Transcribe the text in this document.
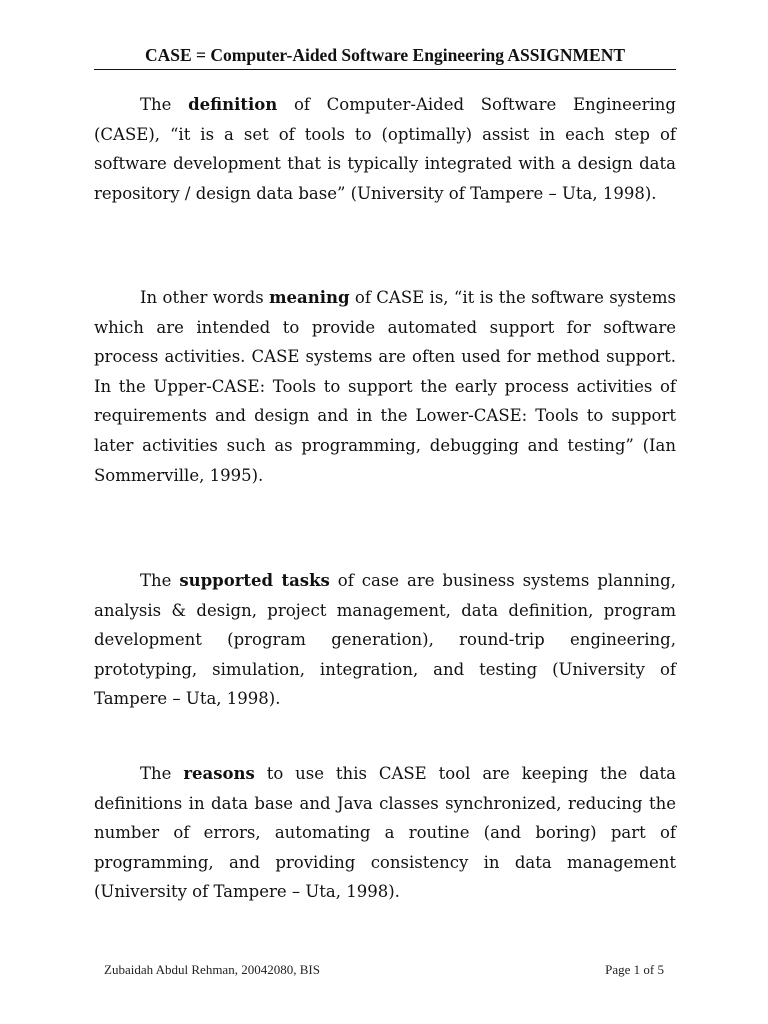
CASE = Computer-Aided Software Engineering ASSIGNMENT

The definition of Computer-Aided Software Engineering (CASE), “it is a set of tools to (optimally) assist in each step of software development that is typically integrated with a design data repository / design data base” (University of Tampere – Uta, 1998).

In other words meaning of CASE is, “it is the software systems which are intended to provide automated support for software process activities. CASE systems are often used for method support. In the Upper-CASE: Tools to support the early process activities of requirements and design and in the Lower-CASE: Tools to support later activities such as programming, debugging and testing” (Ian Sommerville, 1995).

The supported tasks of case are business systems planning, analysis & design, project management, data definition, program development (program generation), round-trip engineering, prototyping, simulation, integration, and testing (University of Tampere – Uta, 1998).

The reasons to use this CASE tool are keeping the data definitions in data base and Java classes synchronized, reducing the number of errors, automating a routine (and boring) part of programming, and providing consistency in data management (University of Tampere – Uta, 1998).

Zubaidah Abdul Rehman, 20042080, BIS	Page 1 of 5
